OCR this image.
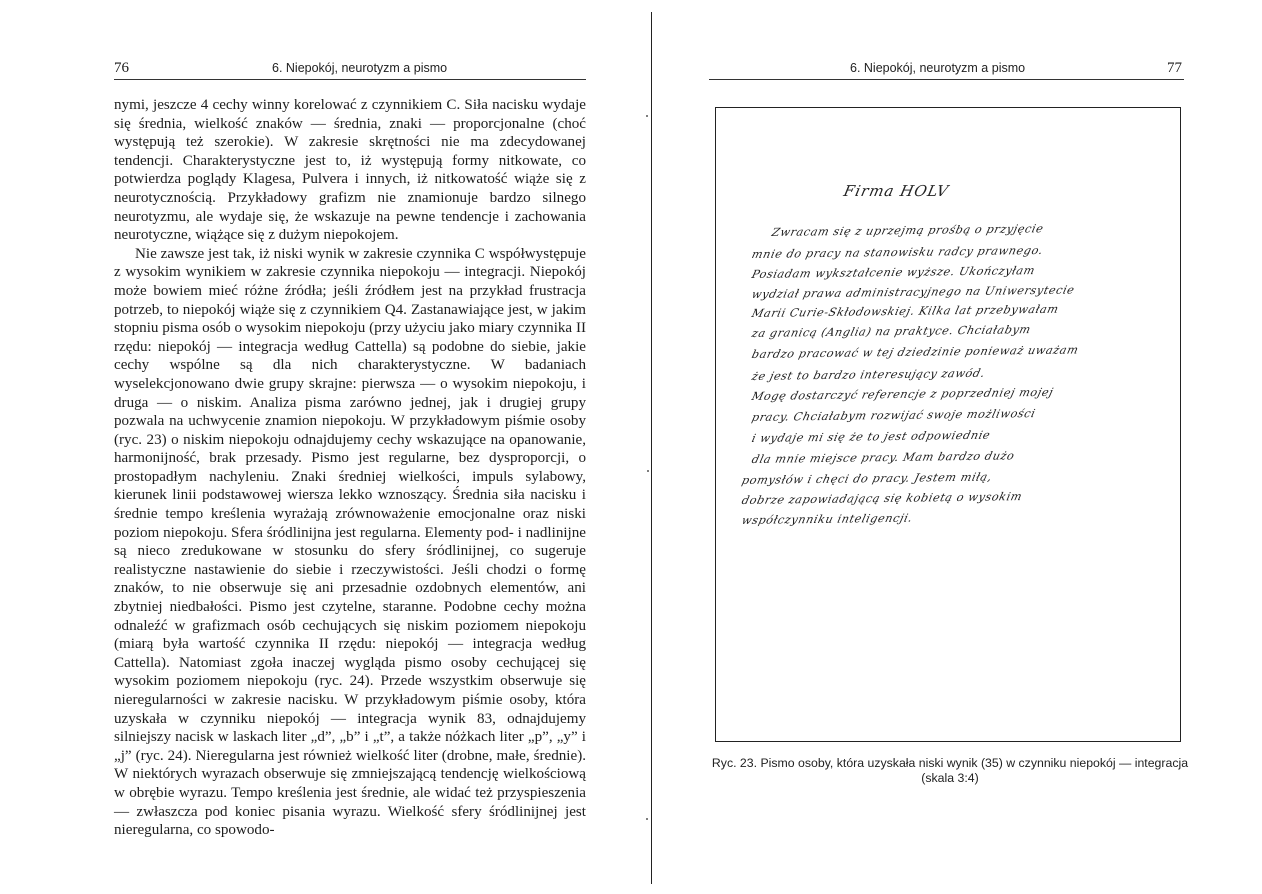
76	6. Niepokój, neurotyzm a pismo

nymi, jeszcze 4 cechy winny korelować z czynnikiem C. Siła nacisku wydaje się średnia, wielkość znaków — średnia, znaki — proporcjonalne (choć występują też szerokie). W zakresie skrętności nie ma zdecydowanej tendencji. Charakterystyczne jest to, iż występują formy nitkowate, co potwierdza poglądy Klagesa, Pulvera i innych, iż nitkowatość wiąże się z neurotycznością. Przykładowy grafizm nie znamionuje bardzo silnego neurotyzmu, ale wydaje się, że wskazuje na pewne tendencje i zachowania neurotyczne, wiążące się z dużym niepokojem.

Nie zawsze jest tak, iż niski wynik w zakresie czynnika C współwystępuje z wysokim wynikiem w zakresie czynnika niepokoju — integracji. Niepokój może bowiem mieć różne źródła; jeśli źródłem jest na przykład frustracja potrzeb, to niepokój wiąże się z czynnikiem Q4. Zastanawiające jest, w jakim stopniu pisma osób o wysokim niepokoju (przy użyciu jako miary czynnika II rzędu: niepokój — integracja według Cattella) są podobne do siebie, jakie cechy wspólne są dla nich charakterystyczne. W badaniach wyselekcjonowano dwie grupy skrajne: pierwsza — o wysokim niepokoju, i druga — o niskim. Analiza pisma zarówno jednej, jak i drugiej grupy pozwala na uchwycenie znamion niepokoju. W przykładowym piśmie osoby (ryc. 23) o niskim niepokoju odnajdujemy cechy wskazujące na opanowanie, harmonijność, brak przesady. Pismo jest regularne, bez dysproporcji, o prostopadłym nachyleniu. Znaki średniej wielkości, impuls sylabowy, kierunek linii podstawowej wiersza lekko wznoszący. Średnia siła nacisku i średnie tempo kreślenia wyrażają zrównoważenie emocjonalne oraz niski poziom niepokoju. Sfera śródlinijna jest regularna. Elementy pod- i nadlinijne są nieco zredukowane w stosunku do sfery śródlinijnej, co sugeruje realistyczne nastawienie do siebie i rzeczywistości. Jeśli chodzi o formę znaków, to nie obserwuje się ani przesadnie ozdobnych elementów, ani zbytniej niedbałości. Pismo jest czytelne, staranne. Podobne cechy można odnaleźć w grafizmach osób cechujących się niskim poziomem niepokoju (miarą była wartość czynnika II rzędu: niepokój — integracja według Cattella). Natomiast zgoła inaczej wygląda pismo osoby cechującej się wysokim poziomem niepokoju (ryc. 24). Przede wszystkim obserwuje się nieregularności w zakresie nacisku. W przykładowym piśmie osoby, która uzyskała w czynniku niepokój — integracja wynik 83, odnajdujemy silniejszy nacisk w laskach liter „d”, „b” i „t”, a także nóżkach liter „p”, „y” i „j” (ryc. 24). Nieregularna jest również wielkość liter (drobne, małe, średnie). W niektórych wyrazach obserwuje się zmniejszającą tendencję wielkościową w obrębie wyrazu. Tempo kreślenia jest średnie, ale widać też przyspieszenia — zwłaszcza pod koniec pisania wyrazu. Wielkość sfery śródlinijnej jest nieregularna, co spowodo-

6. Niepokój, neurotyzm a pismo	77
Firma HOLV
Zwracam się z uprzejmą prośbą o przyjęcie
mnie do pracy na stanowisku radcy prawnego.
Posiadam wykształcenie wyższe. Ukończyłam
wydział prawa administracyjnego na Uniwersytecie
Marii Curie-Skłodowskiej. Kilka lat przebywałam
za granicą (Anglia) na praktyce. Chciałabym
bardzo pracować w tej dziedzinie ponieważ uważam
że jest to bardzo interesujący zawód.
Mogę dostarczyć referencje z poprzedniej mojej
pracy. Chciałabym rozwijać swoje możliwości
i wydaje mi się że to jest odpowiednie
dla mnie miejsce pracy. Mam bardzo dużo
pomysłów i chęci do pracy. Jestem miłą,
dobrze zapowiadającą się kobietą o wysokim
współczynniku inteligencji.
Ryc. 23. Pismo osoby, która uzyskała niski wynik (35) w czynniku niepokój — integracja (skala 3:4)
